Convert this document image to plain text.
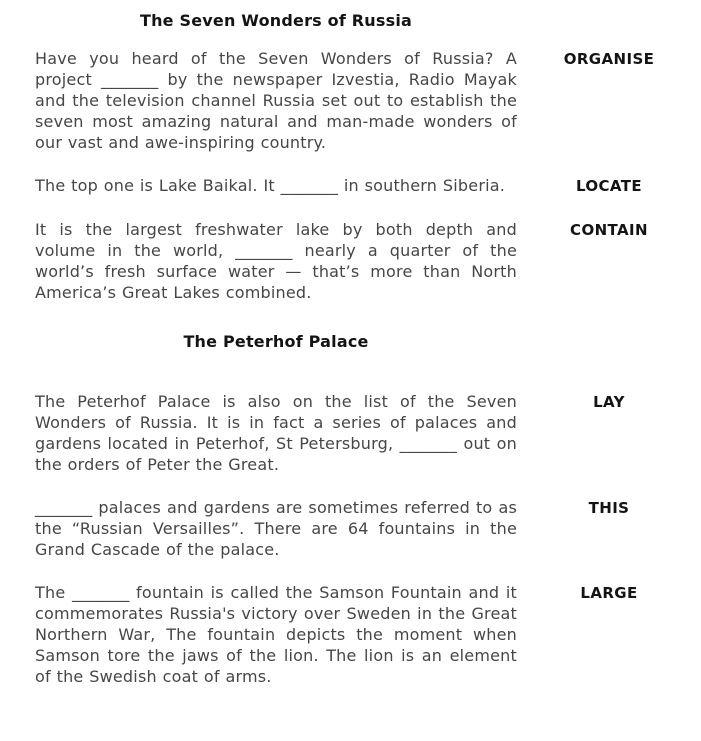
The Seven Wonders of Russia

Have you heard of the Seven Wonders of Russia? A project _______ by the newspaper Izvestia, Radio Mayak and the television channel Russia set out to establish the seven most amazing natural and man-made wonders of our vast and awe-inspiring country.

ORGANISE

The top one is Lake Baikal. It _______ in southern Siberia.	LOCATE

It is the largest freshwater lake by both depth and volume in the world, _______ nearly a quarter of the world’s fresh surface water — that’s more than North America’s Great Lakes combined.

CONTAIN
The Peterhof Palace

The Peterhof Palace is also on the list of the Seven Wonders of Russia. It is in fact a series of palaces and gardens located in Peterhof, St Petersburg, _______ out on the orders of Peter the Great.

LAY

_______ palaces and gardens are sometimes referred to as the “Russian Versailles”. There are 64 fountains in the Grand Cascade of the palace.

THIS

The _______ fountain is called the Samson Fountain and it commemorates Russia's victory over Sweden in the Great Northern War, The fountain depicts the moment when Samson tore the jaws of the lion. The lion is an element of the Swedish coat of arms.

LARGE
